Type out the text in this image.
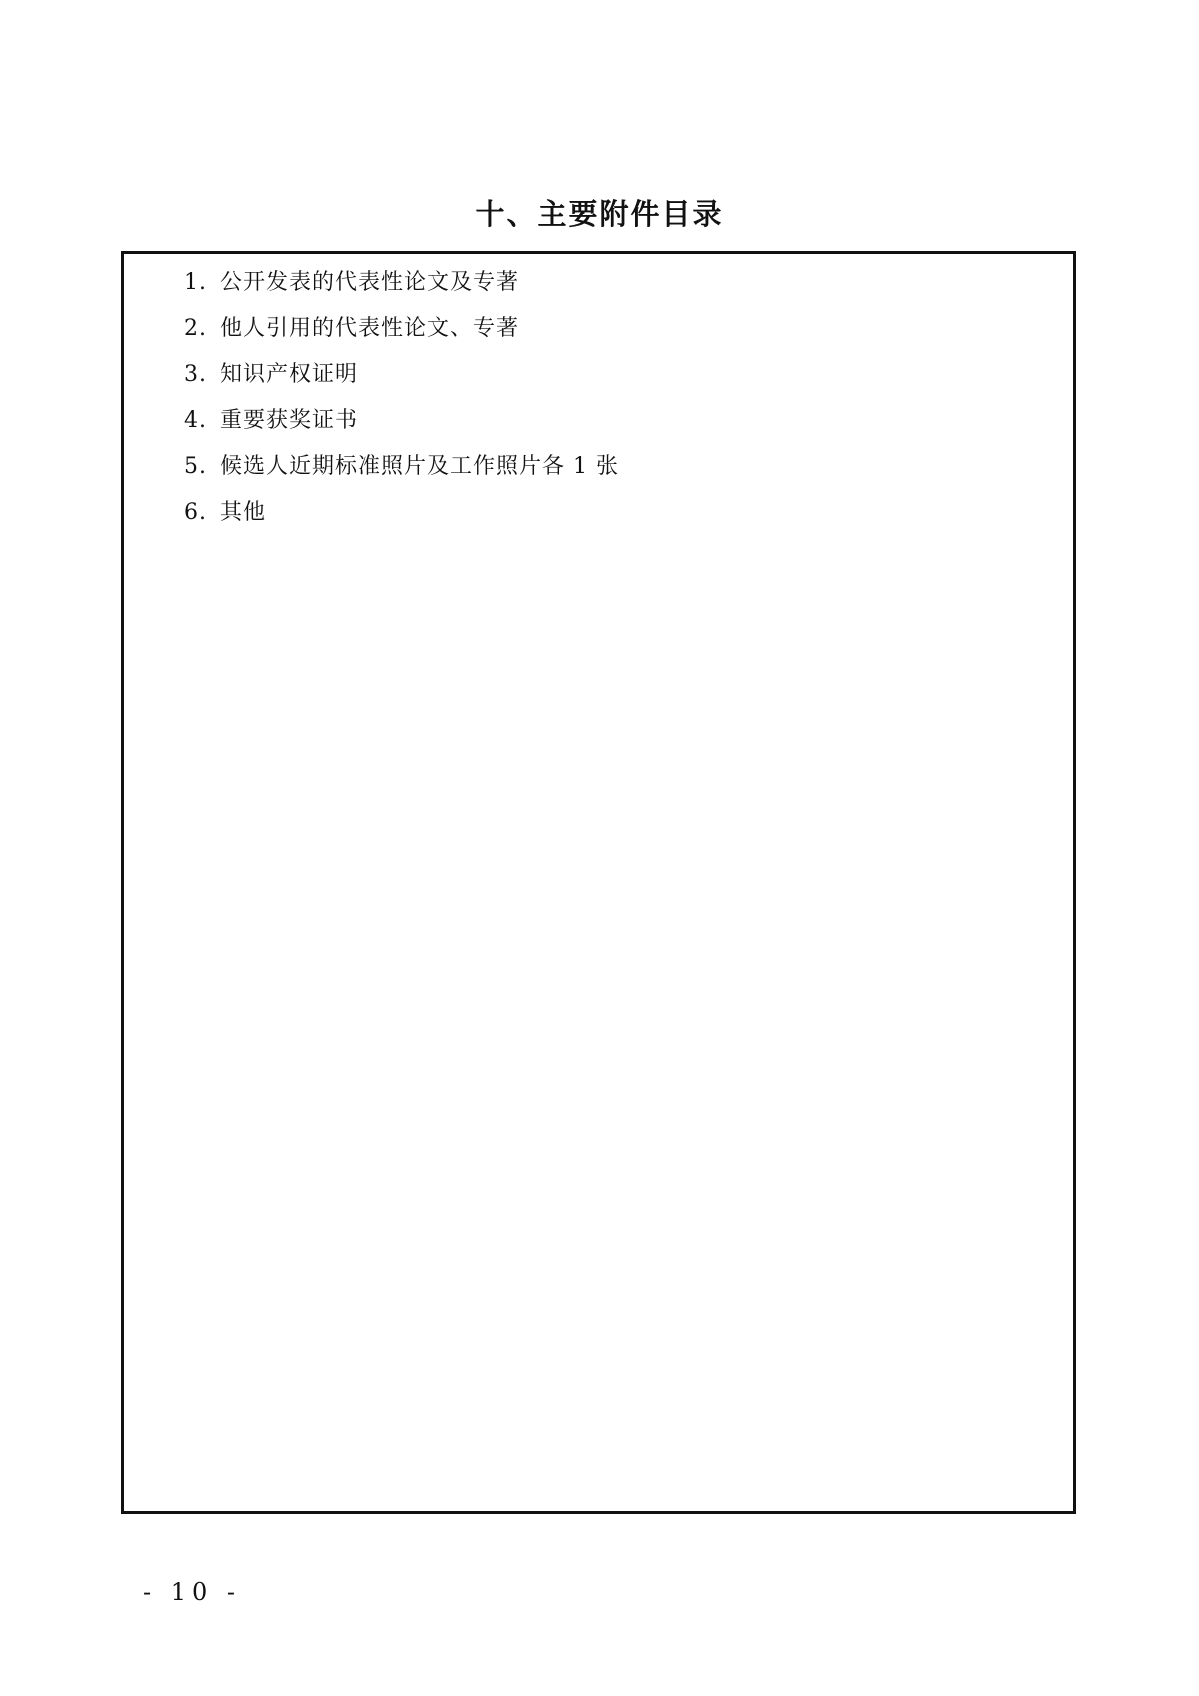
十、主要附件目录
1. 公开发表的代表性论文及专著
2. 他人引用的代表性论文、专著
3. 知识产权证明
4. 重要获奖证书
5. 候选人近期标准照片及工作照片各 1 张
6. 其他
- 10 -
